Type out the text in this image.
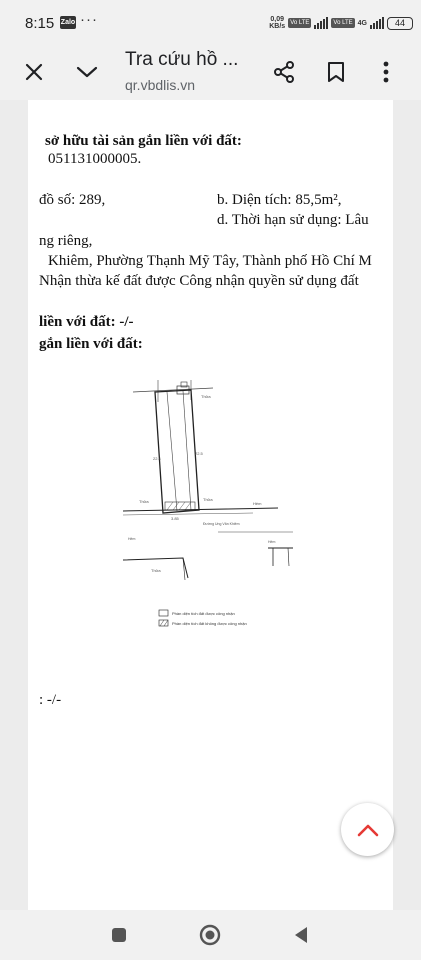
8:15 Zalo ···	0,09
KB/s Vo LTE	Vo LTE 4G	44
Tra cứu hồ ...
qr.vbdlis.vn
sở hữu tài sản gắn liền với đất:
051131000005.
đồ số: 289,	b. Diện tích: 85,5m²,
d. Thời hạn sử dụng: Lâu
ng riêng,
Khiêm, Phường Thạnh Mỹ Tây, Thành phố Hồ Chí M
Nhận thừa kế đất được Công nhận quyền sử dụng đất
liền với đất: -/-
gắn liền với đất:
: -/-
22.4
22.5
3.85
Thửa
Thửa	Thửa
Hẻm
Đường Ung Văn Khiêm
Hẻm
Thửa
Hẻm
Phần diện tích đất được công nhận
Phần diện tích đất không được công nhận
